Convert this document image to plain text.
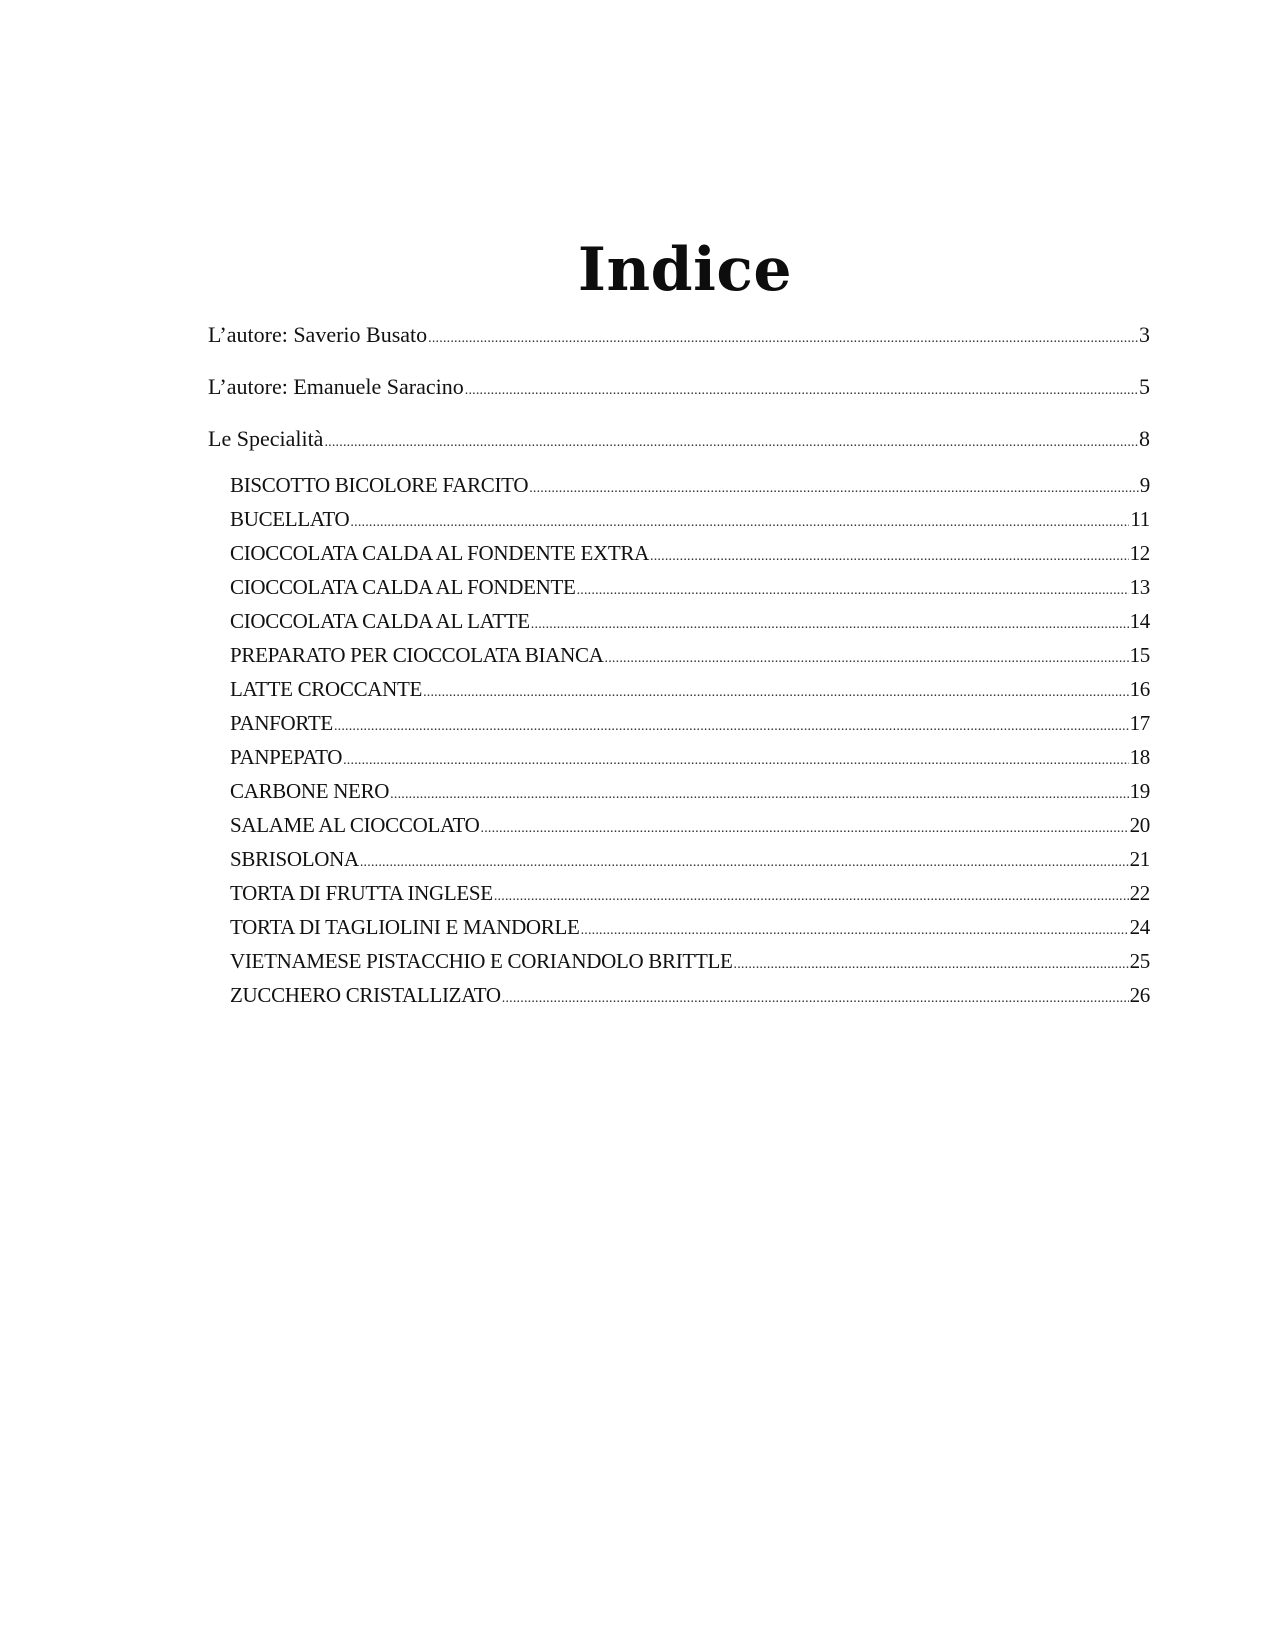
Indice
L’autore: Saverio Busato .....	3
L’autore: Emanuele Saracino .....	5
Le Specialità .....	8
BISCOTTO BICOLORE FARCITO .....	9
BUCELLATO .....	11
CIOCCOLATA CALDA AL FONDENTE EXTRA .....	12
CIOCCOLATA CALDA AL FONDENTE .....	13
CIOCCOLATA CALDA AL LATTE .....	14
PREPARATO PER CIOCCOLATA BIANCA .....	15
LATTE CROCCANTE .....	16
PANFORTE .....	17
PANPEPATO .....	18
CARBONE NERO .....	19
SALAME AL CIOCCOLATO .....	20
SBRISOLONA .....	21
TORTA DI FRUTTA INGLESE .....	22
TORTA DI TAGLIOLINI E MANDORLE .....	24
VIETNAMESE PISTACCHIO E CORIANDOLO BRITTLE .....	25
ZUCCHERO CRISTALLIZATO .....	26
